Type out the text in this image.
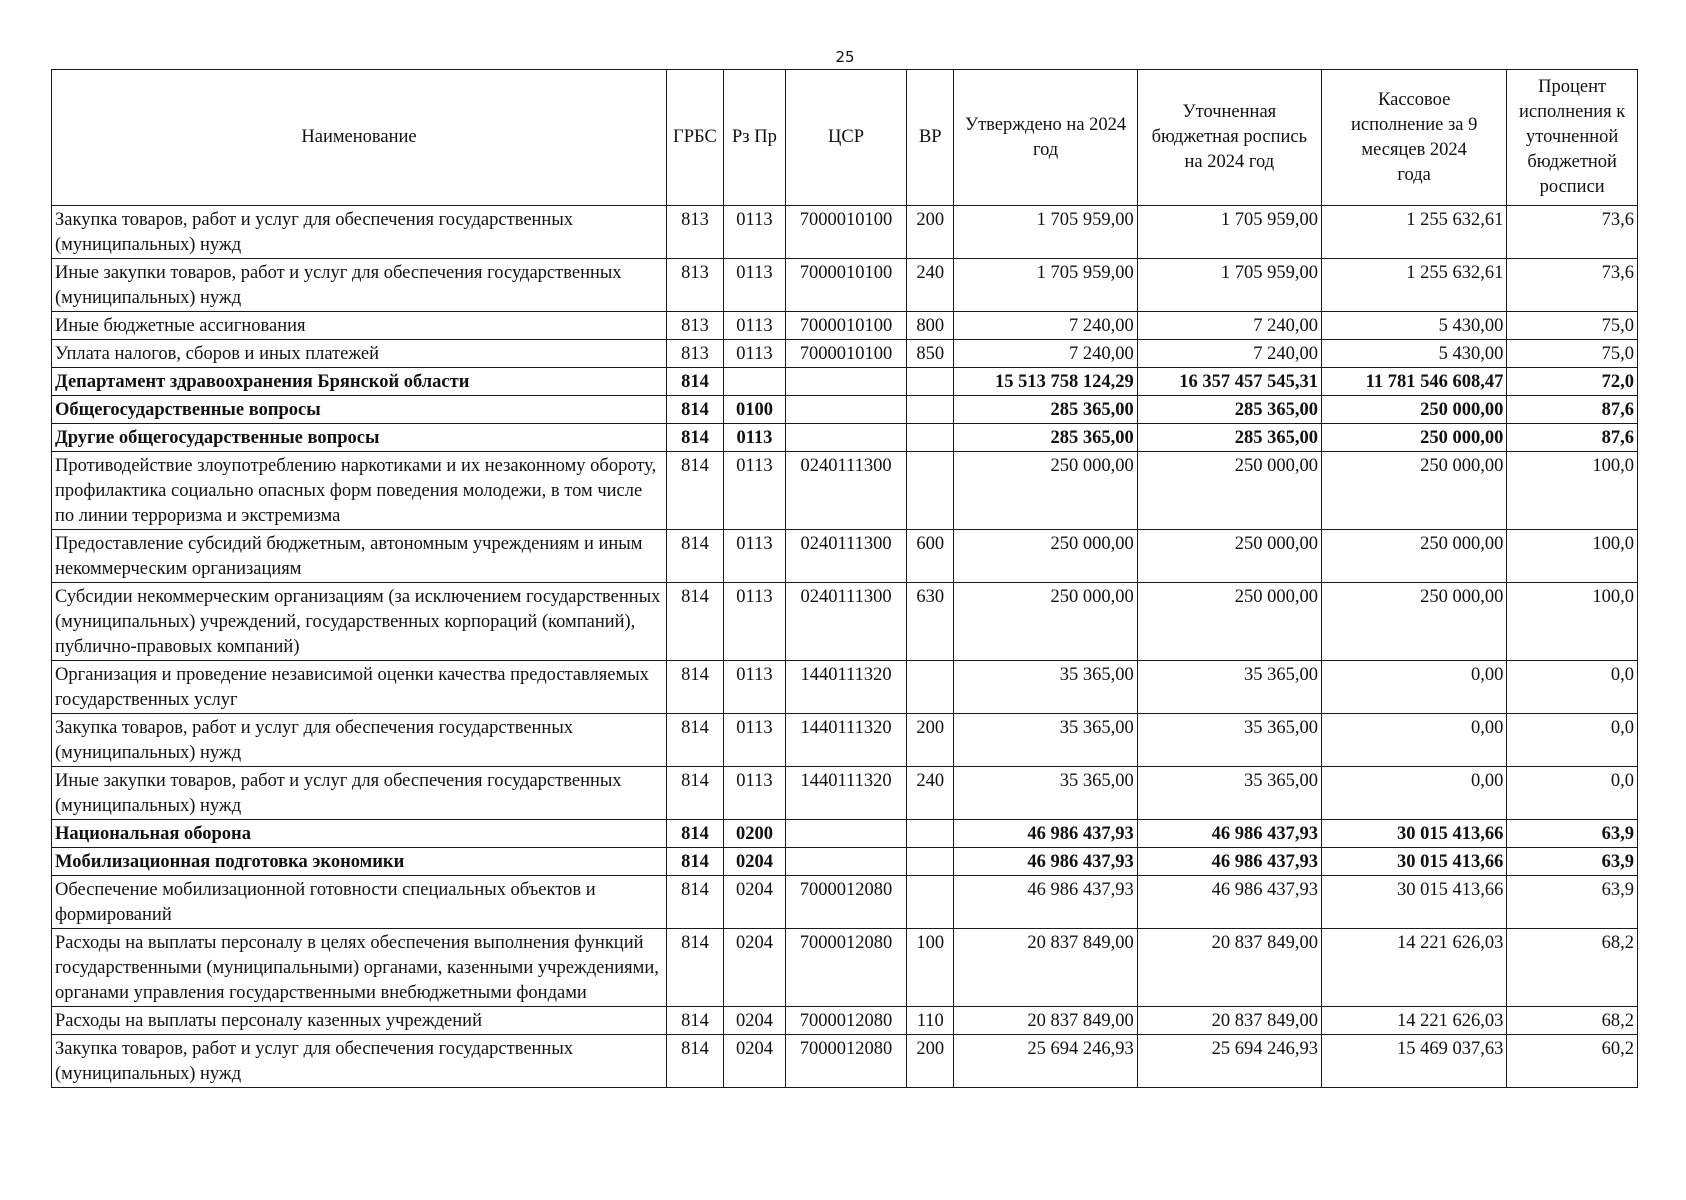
25
Наименование	ГРБС	Рз Пр	ЦСР	ВР	Утверждено на 2024 год	Уточненная бюджетная роспись на 2024 год	Кассовое исполнение за 9 месяцев 2024 года	Процент исполнения к уточненной бюджетной росписи
Закупка товаров, работ и услуг для обеспечения государственных (муниципальных) нужд	813	0113	7000010100	200	1 705 959,00	1 705 959,00	1 255 632,61	73,6
Иные закупки товаров, работ и услуг для обеспечения государственных (муниципальных) нужд	813	0113	7000010100	240	1 705 959,00	1 705 959,00	1 255 632,61	73,6
Иные бюджетные ассигнования	813	0113	7000010100	800	7 240,00	7 240,00	5 430,00	75,0
Уплата налогов, сборов и иных платежей	813	0113	7000010100	850	7 240,00	7 240,00	5 430,00	75,0
Департамент здравоохранения Брянской области	814				15 513 758 124,29	16 357 457 545,31	11 781 546 608,47	72,0
Общегосударственные вопросы	814	0100			285 365,00	285 365,00	250 000,00	87,6
Другие общегосударственные вопросы	814	0113			285 365,00	285 365,00	250 000,00	87,6
Противодействие злоупотреблению наркотиками и их незаконному обороту, профилактика социально опасных форм поведения молодежи, в том числе по линии терроризма и экстремизма	814	0113	0240111300		250 000,00	250 000,00	250 000,00	100,0
Предоставление субсидий бюджетным, автономным учреждениям и иным некоммерческим организациям	814	0113	0240111300	600	250 000,00	250 000,00	250 000,00	100,0
Субсидии некоммерческим организациям (за исключением государственных (муниципальных) учреждений, государственных корпораций (компаний), публично-правовых компаний)	814	0113	0240111300	630	250 000,00	250 000,00	250 000,00	100,0
Организация и проведение независимой оценки качества предоставляемых государственных услуг	814	0113	1440111320		35 365,00	35 365,00	0,00	0,0
Закупка товаров, работ и услуг для обеспечения государственных (муниципальных) нужд	814	0113	1440111320	200	35 365,00	35 365,00	0,00	0,0
Иные закупки товаров, работ и услуг для обеспечения государственных (муниципальных) нужд	814	0113	1440111320	240	35 365,00	35 365,00	0,00	0,0
Национальная оборона	814	0200			46 986 437,93	46 986 437,93	30 015 413,66	63,9
Мобилизационная подготовка экономики	814	0204			46 986 437,93	46 986 437,93	30 015 413,66	63,9
Обеспечение мобилизационной готовности специальных объектов и формирований	814	0204	7000012080		46 986 437,93	46 986 437,93	30 015 413,66	63,9
Расходы на выплаты персоналу в целях обеспечения выполнения функций государственными (муниципальными) органами, казенными учреждениями, органами управления государственными внебюджетными фондами	814	0204	7000012080	100	20 837 849,00	20 837 849,00	14 221 626,03	68,2
Расходы на выплаты персоналу казенных учреждений	814	0204	7000012080	110	20 837 849,00	20 837 849,00	14 221 626,03	68,2
Закупка товаров, работ и услуг для обеспечения государственных (муниципальных) нужд	814	0204	7000012080	200	25 694 246,93	25 694 246,93	15 469 037,63	60,2
